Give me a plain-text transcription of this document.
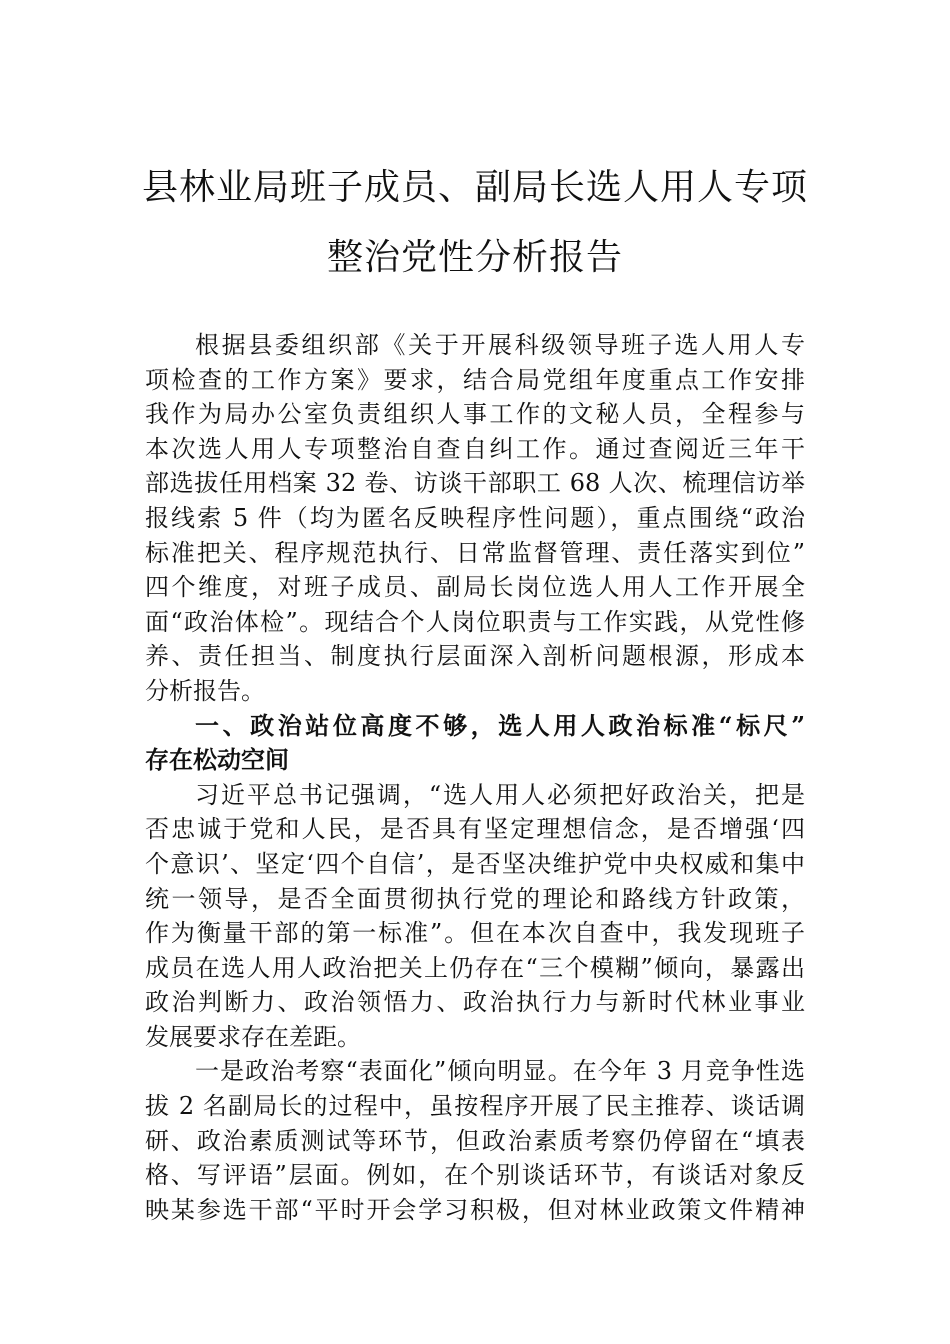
县林业局班子成员、副局长选人用人专项
整治党性分析报告
根据县委组织部《关于开展科级领导班子选人用人专
项检查的工作方案》要求，结合局党组年度重点工作安排
我作为局办公室负责组织人事工作的文秘人员，全程参与
本次选人用人专项整治自查自纠工作。通过查阅近三年干
部选拔任用档案 32 卷、访谈干部职工 68 人次、梳理信访举
报线索 5 件（均为匿名反映程序性问题），重点围绕“政治
标准把关、程序规范执行、日常监督管理、责任落实到位”
四个维度，对班子成员、副局长岗位选人用人工作开展全
面“政治体检”。现结合个人岗位职责与工作实践，从党性修
养、责任担当、制度执行层面深入剖析问题根源，形成本
分析报告。
一、政治站位高度不够，选人用人政治标准“标尺”
存在松动空间
习近平总书记强调，“选人用人必须把好政治关，把是
否忠诚于党和人民，是否具有坚定理想信念，是否增强‘四
个意识’、坚定‘四个自信’，是否坚决维护党中央权威和集中
统一领导，是否全面贯彻执行党的理论和路线方针政策，
作为衡量干部的第一标准”。但在本次自查中，我发现班子
成员在选人用人政治把关上仍存在“三个模糊”倾向，暴露出
政治判断力、政治领悟力、政治执行力与新时代林业事业
发展要求存在差距。
一是政治考察“表面化”倾向明显。在今年 3 月竞争性选
拔 2 名副局长的过程中，虽按程序开展了民主推荐、谈话调
研、政治素质测试等环节，但政治素质考察仍停留在“填表
格、写评语”层面。例如，在个别谈话环节，有谈话对象反
映某参选干部“平时开会学习积极，但对林业政策文件精神
